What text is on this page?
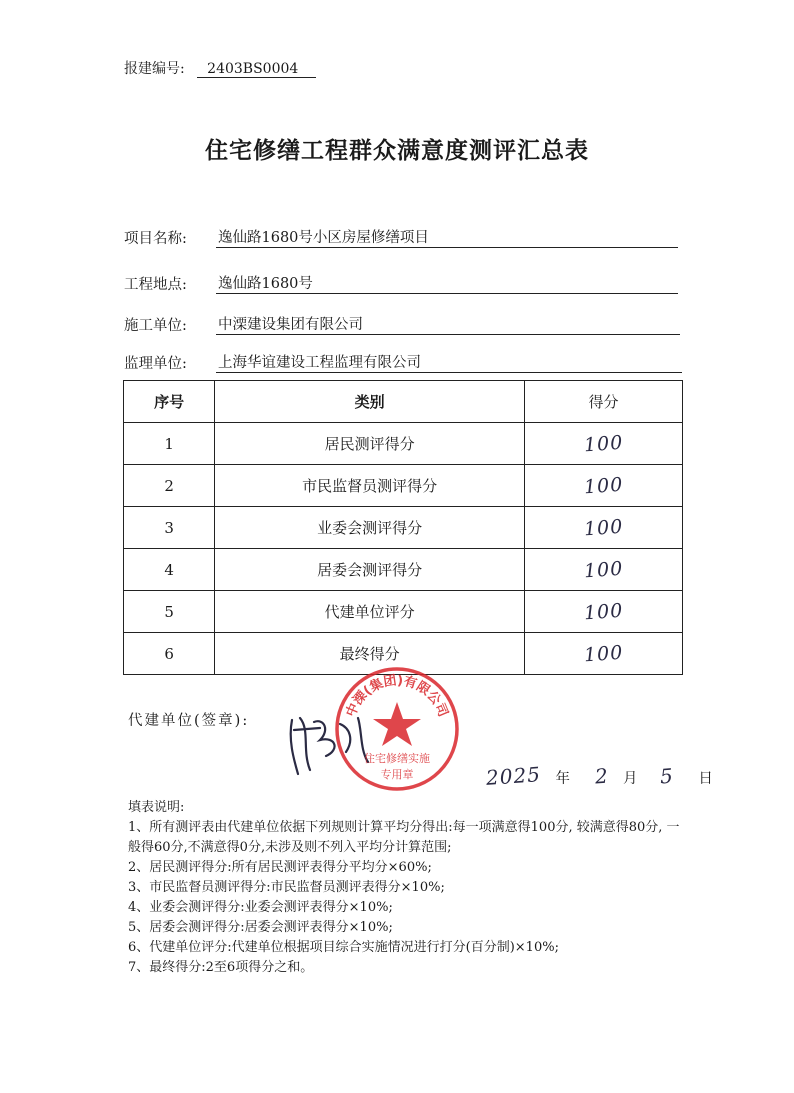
报建编号: 2403BS0004
住宅修缮工程群众满意度测评汇总表
项目名称: 逸仙路1680号小区房屋修缮项目
工程地点: 逸仙路1680号
施工单位: 中溧建设集团有限公司
监理单位: 上海华谊建设工程监理有限公司
序号	类别	得分
1	居民测评得分	100
2	市民监督员测评得分	100
3	业委会测评得分	100
4	居委会测评得分	100
5	代建单位评分	100
6	最终得分	100
代建单位(签章):
中溧(集团)有限公司
住宅修缮实施
专用章	2025 年 2 月 5 日

填表说明:

1、所有测评表由代建单位依据下列规则计算平均分得出:每一项满意得100分, 较满意得80分, 一般得60分,不满意得0分,未涉及则不列入平均分计算范围;

2、居民测评得分:所有居民测评表得分平均分×60%;

3、市民监督员测评得分:市民监督员测评表得分×10%;

4、业委会测评得分:业委会测评表得分×10%;

5、居委会测评得分:居委会测评表得分×10%;

6、代建单位评分:代建单位根据项目综合实施情况进行打分(百分制)×10%;

7、最终得分:2至6项得分之和。
